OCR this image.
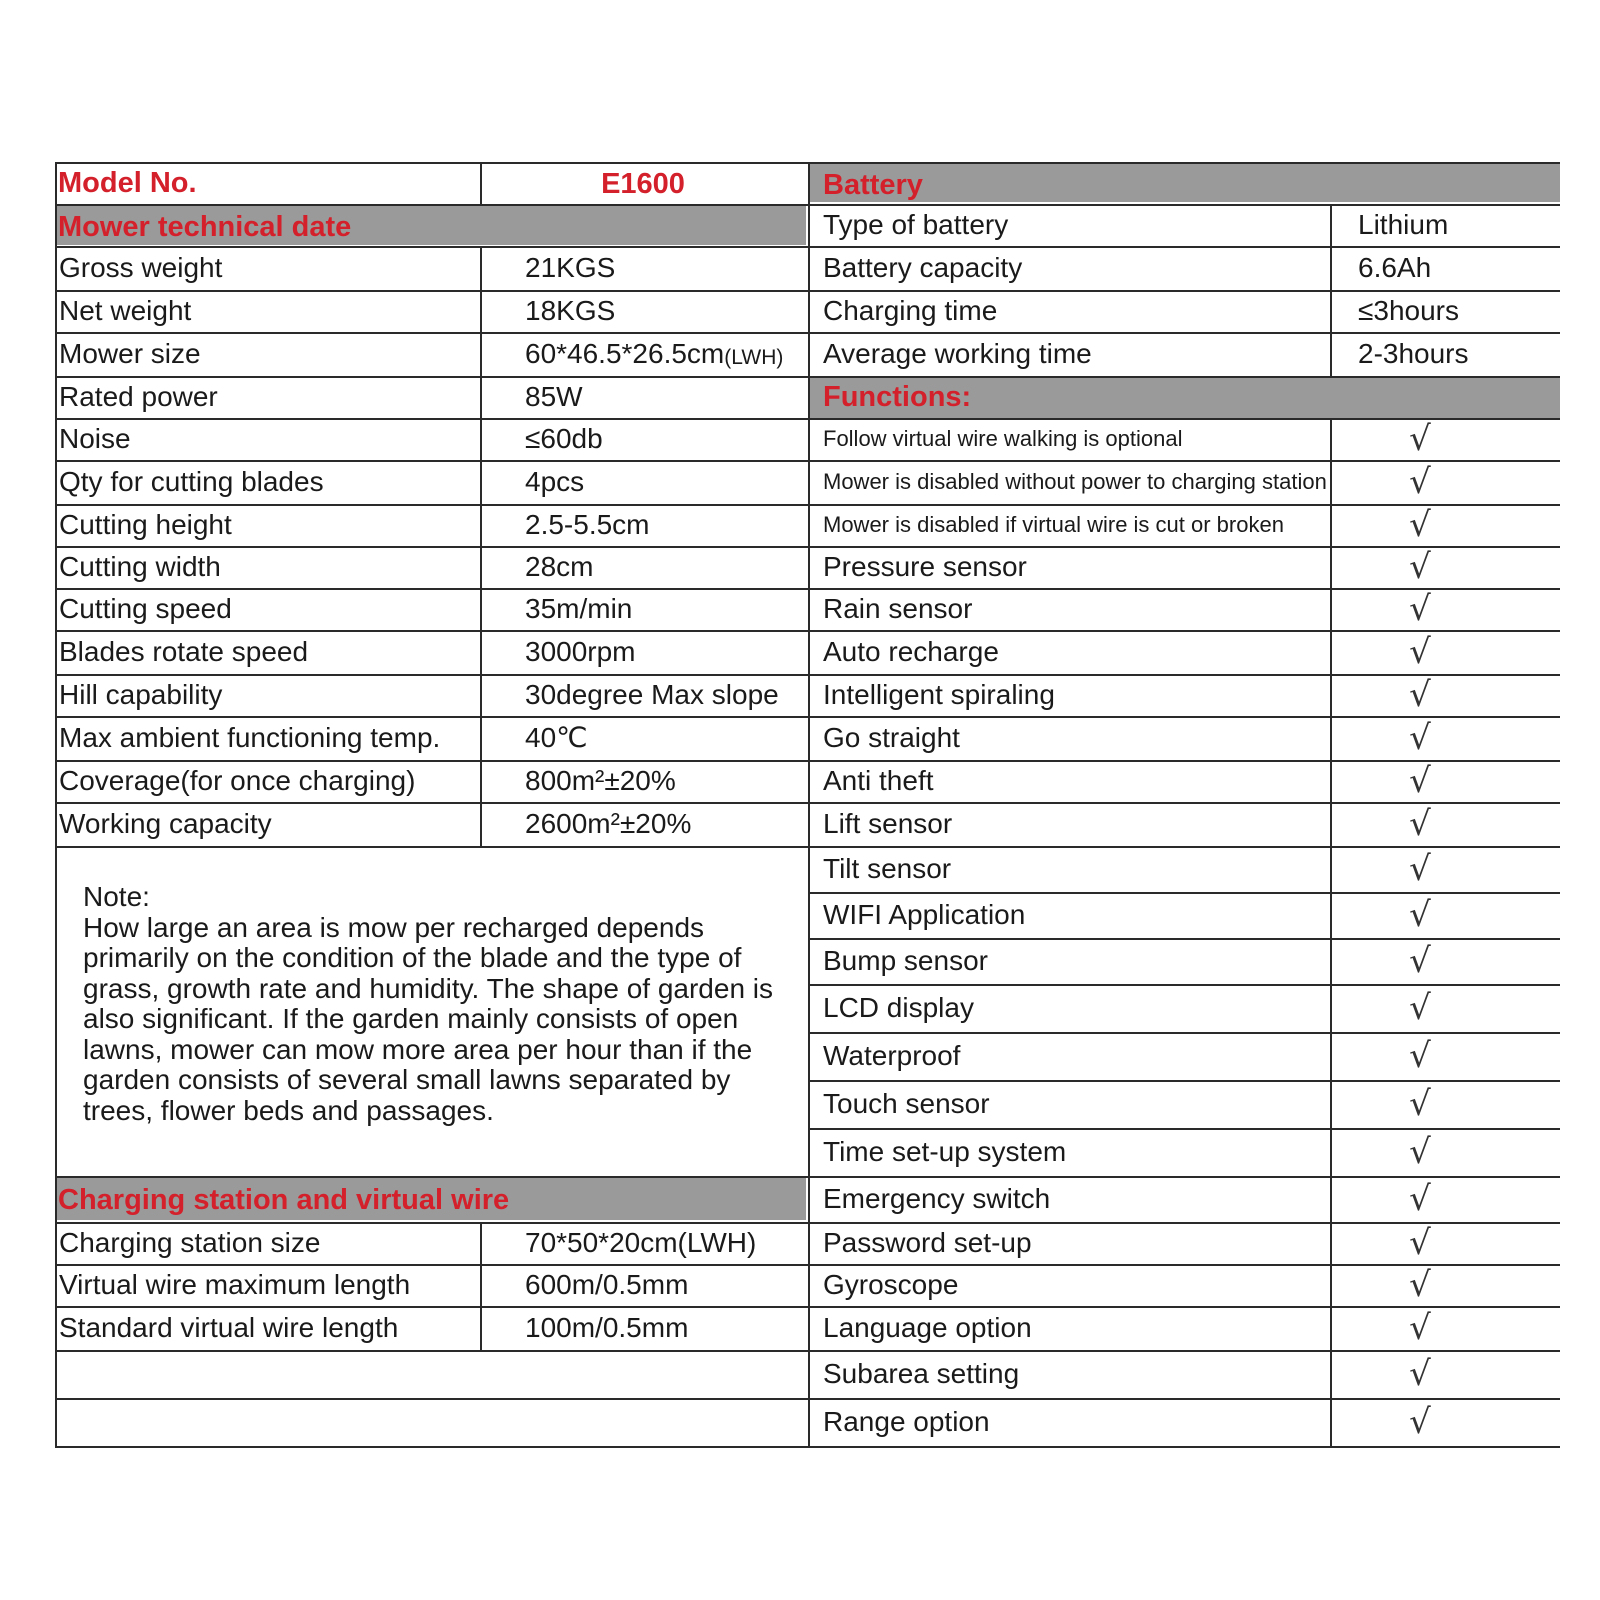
Model No.	E1600	Battery
Mower technical date
Functions:
Charging station and virtual wire
Note:
How large an area is mow per recharged depends primarily on the condition of the blade and the type of grass, growth rate and humidity. The shape of garden is also significant. If the garden mainly consists of open lawns, mower can mow more area per hour than if the garden consists of several small lawns separated by trees, flower beds and passages.
Gross weight	21KGS
Net weight	18KGS
Mower size	60*46.5*26.5cm (LWH)
Rated power	85W
Noise	≤60db
Qty for cutting blades	4pcs
Cutting height	2.5-5.5cm
Cutting width	28cm
Cutting speed	35m/min
Blades rotate speed	3000rpm
Hill capability	30degree Max slope
Max ambient functioning temp.	40℃
Coverage(for once charging)	800m²±20%
Working capacity	2600m²±20%
Charging station size	70*50*20cm(LWH)
Virtual wire maximum length	600m/0.5mm
Standard virtual wire length	100m/0.5mm
Type of battery	Lithium
Battery capacity	6.6Ah
Charging time	≤3hours
Average working time	2-3hours
Follow virtual wire walking is optional	√
Mower is disabled without power to charging station	√
Mower is disabled if virtual wire is cut or broken	√
Pressure sensor	√
Rain sensor	√
Auto recharge	√
Intelligent spiraling	√
Go straight	√
Anti theft	√
Lift sensor	√
Tilt sensor	√
WIFI Application	√
Bump sensor	√
LCD display	√
Waterproof	√
Touch sensor	√
Time set-up system	√
Emergency switch	√
Password set-up	√
Gyroscope	√
Language option	√
Subarea setting	√
Range option	√
